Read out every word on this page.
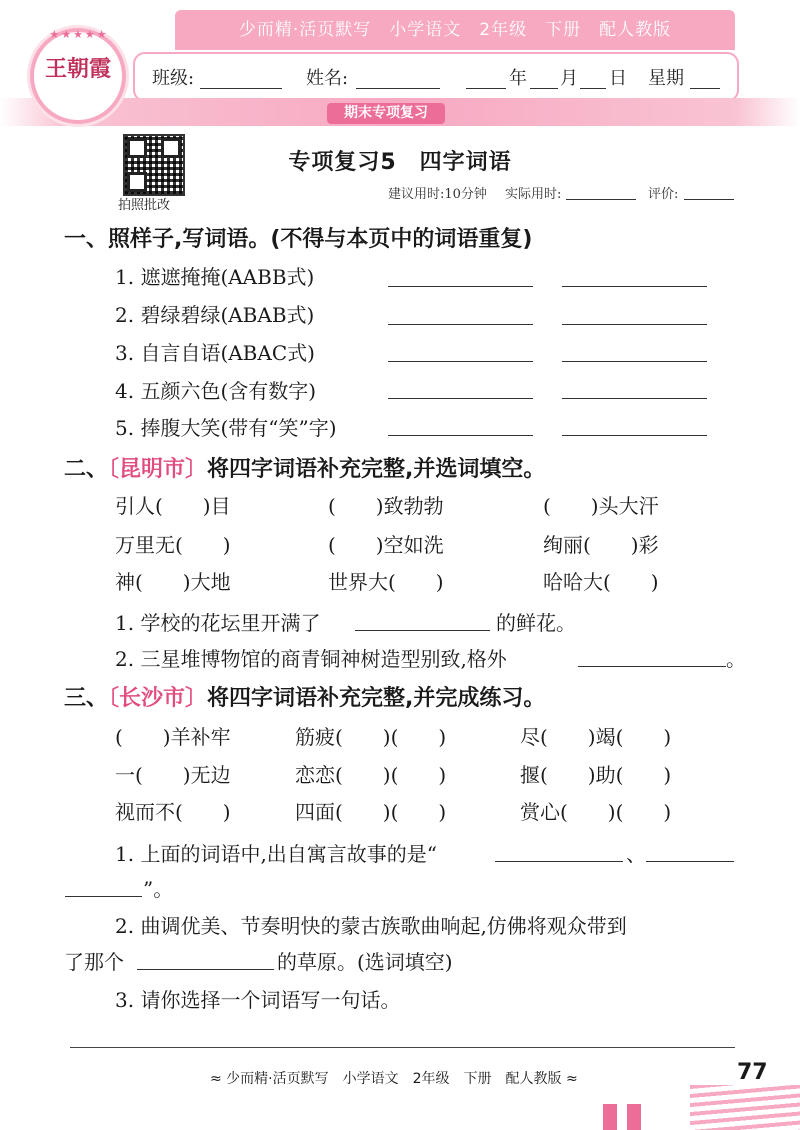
少而精·活页默写　小学语文　2年级　下册　配人教版
班级:	姓名:	年 月 日 星期
期末专项复习
★★★★★
王朝霞
拍照批改
专项复习5　四字词语
建议用时:10分钟 实际用时:	评价:
一、照样子,写词语。(不得与本页中的词语重复)
1. 遮遮掩掩(AABB式)
2. 碧绿碧绿(ABAB式)
3. 自言自语(ABAC式)
4. 五颜六色(含有数字)
5. 捧腹大笑(带有“笑”字)
二、〔昆明市〕将四字词语补充完整,并选词填空。
引人(　　)目	(　　)致勃勃	(　　)头大汗
万里无(　　)	(　　)空如洗	绚丽(　　)彩
神(　　)大地	世界大(　　)	哈哈大(　　)
1. 学校的花坛里开满了	的鲜花。
2. 三星堆博物馆的商青铜神树造型别致,格外	。
三、〔长沙市〕将四字词语补充完整,并完成练习。
(　　)羊补牢	筋疲(　　)(　　)	尽(　　)竭(　　)
一(　　)无边	恋恋(　　)(　　)	揠(　　)助(　　)
视而不(　　)	四面(　　)(　　)	赏心(　　)(　　)
1. 上面的词语中,出自寓言故事的是“	、
”。
2. 曲调优美、节奏明快的蒙古族歌曲响起,仿佛将观众带到
了那个	的草原。(选词填空)
3. 请你选择一个词语写一句话。
≈ 少而精·活页默写　小学语文　2年级　下册　配人教版 ≈	77
